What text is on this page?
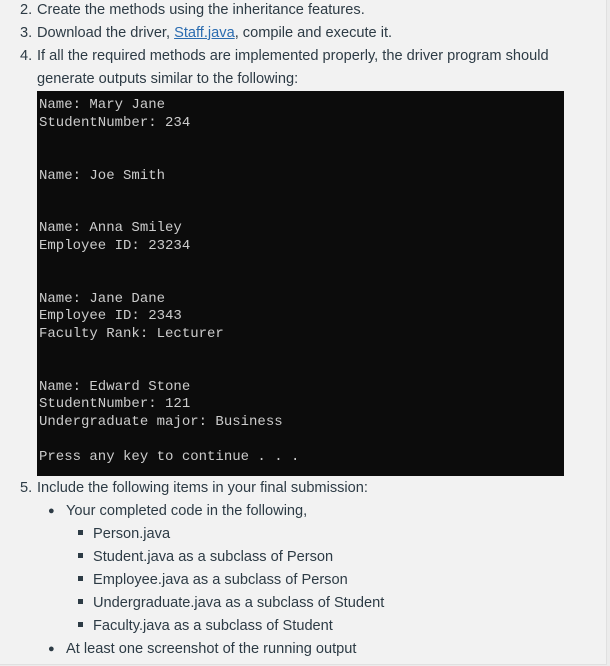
2. Create the methods using the inheritance features.
3. Download the driver, Staff.java, compile and execute it.
4. If all the required methods are implemented properly, the driver program should
generate outputs similar to the following:
Name: Mary Jane
StudentNumber: 234
Name: Joe Smith
Name: Anna Smiley
Employee ID: 23234
Name: Jane Dane
Employee ID: 2343
Faculty Rank: Lecturer
Name: Edward Stone
StudentNumber: 121
Undergraduate major: Business
Press any key to continue . . .
5. Include the following items in your final submission:
● Your completed code in the following,
Person.java
Student.java as a subclass of Person
Employee.java as a subclass of Person
Undergraduate.java as a subclass of Student
Faculty.java as a subclass of Student
● At least one screenshot of the running output
